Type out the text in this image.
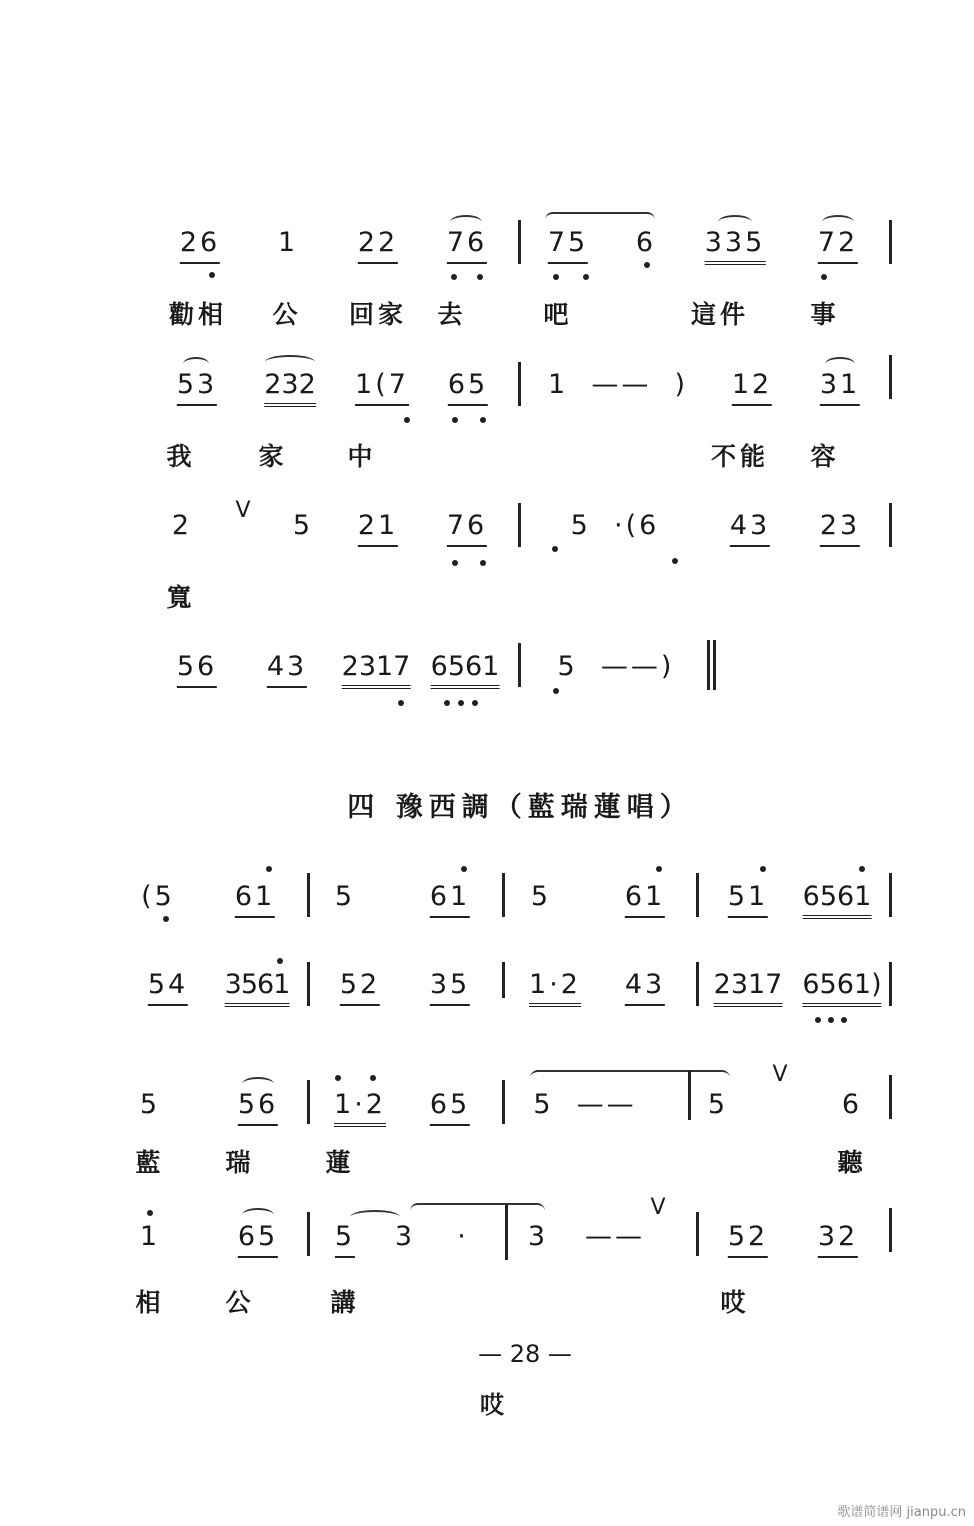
26 1 22 76 75 6 335 72
勸相 公 回家 去	吧	這件 事
53 232 1(7 65 1  ——  ) 12 31
我	家 中	不能 容
2 V 5 21 76	5  ·(6	43 23
寬
56 43 2317 6561 5  ——)
四 豫西調（藍瑞蓮唱）
(5 61 5	61 5	61 51 6561
54 3561 52 35 1·2 43 2317 6561)
5	56 1·2 65 5  ——	5
V
6
藍 瑞	蓮	聽
1	65 5 3 · 3 ——
V
52 32
相 公	講	哎
— 28 —
哎
歌谱简谱网 jianpu.cn
